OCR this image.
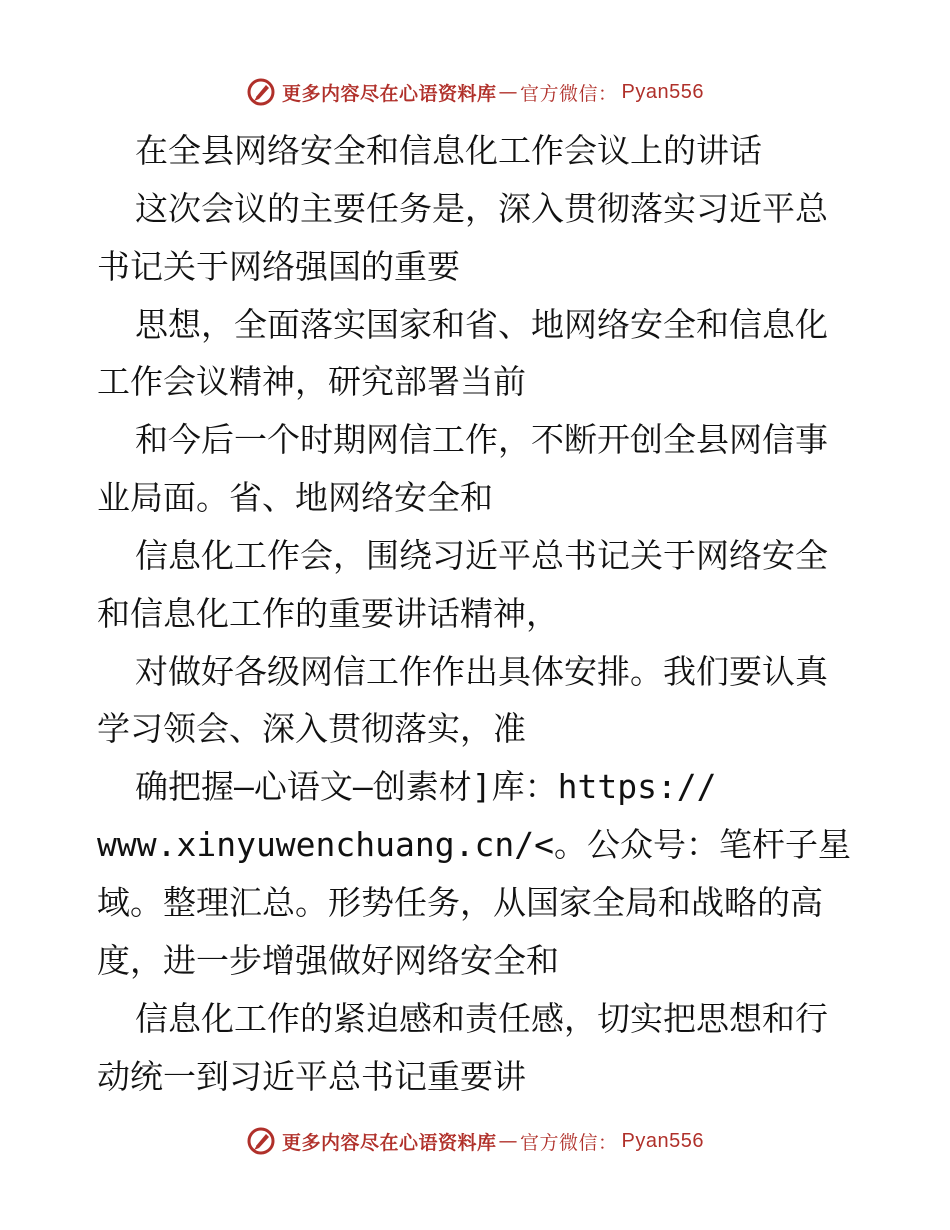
更多内容尽在心语资料库 — 官方微信： Pyan556
在全县网络安全和信息化工作会议上的讲话
这次会议的主要任务是，深入贯彻落实习近平总
书记关于网络强国的重要
思想，全面落实国家和省、地网络安全和信息化
工作会议精神，研究部署当前
和今后一个时期网信工作，不断开创全县网信事
业局面。省、地网络安全和
信息化工作会，围绕习近平总书记关于网络安全
和信息化工作的重要讲话精神，
对做好各级网信工作作出具体安排。我们要认真
学习领会、深入贯彻落实，准
确把握—心语文—创素材]库：https://
www.xinyuwenchuang.cn/<。公众号：笔杆子星
域。整理汇总。形势任务，从国家全局和战略的高
度，进一步增强做好网络安全和
信息化工作的紧迫感和责任感，切实把思想和行
动统一到习近平总书记重要讲
更多内容尽在心语资料库 — 官方微信： Pyan556
